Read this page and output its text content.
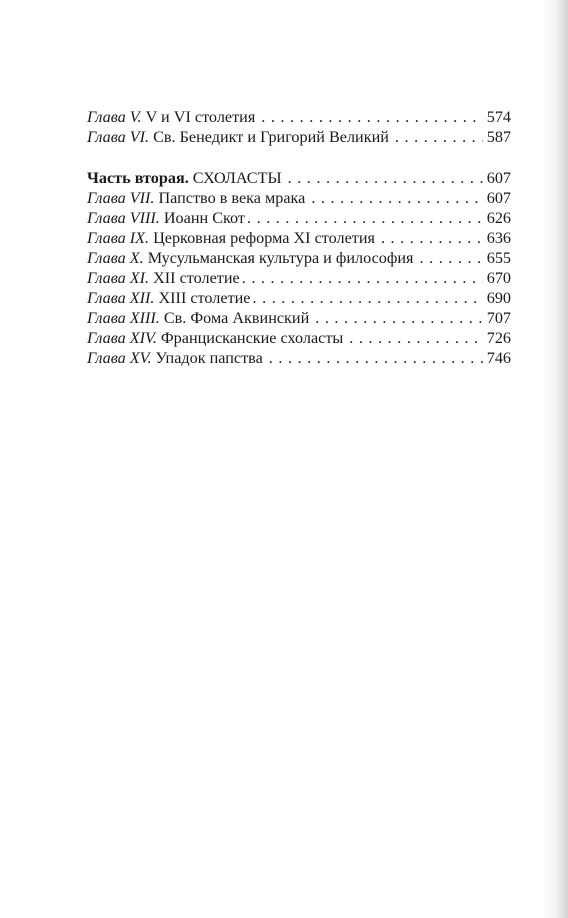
Глава V. V и VI столетия . . .	574
Глава VI. Св. Бенедикт и Григорий Великий . . .	587
Часть вторая. СХОЛАСТЫ . . .	607
Глава VII. Папство в века мрака . . .	607
Глава VIII. Иоанн Скот . . .	626
Глава IX. Церковная реформа XI столетия . . .	636
Глава X. Мусульманская культура и философия . . .	655
Глава XI. XII столетие . . .	670
Глава XII. XIII столетие . . .	690
Глава XIII. Св. Фома Аквинский . . .	707
Глава XIV. Францисканские схоласты . . .	726
Глава XV. Упадок папства . . .	746
